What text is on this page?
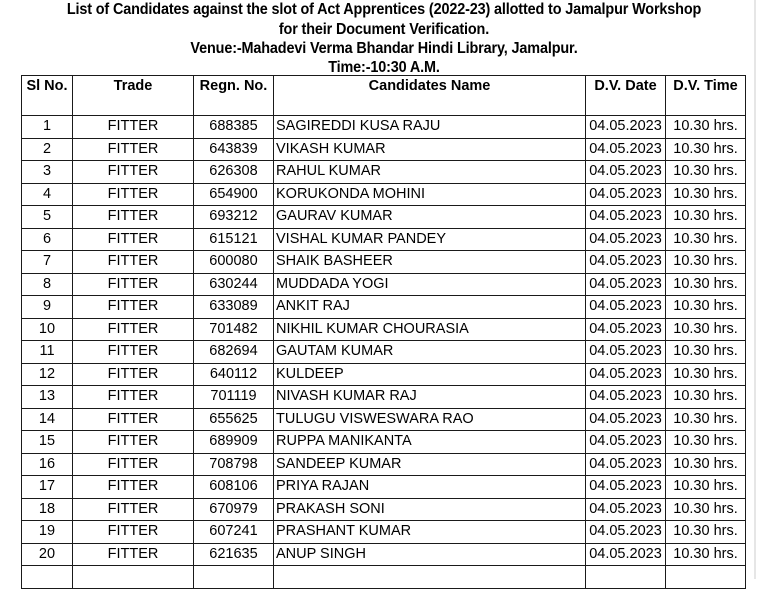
List of Candidates against the slot of Act Apprentices (2022-23) allotted to Jamalpur Workshop
for their Document Verification.
Venue:-Mahadevi Verma Bhandar Hindi Library, Jamalpur.
Time:-10:30 A.M.
Sl No.	Trade	Regn. No.	Candidates Name	D.V. Date	D.V. Time
1	FITTER	688385	SAGIREDDI KUSA RAJU	04.05.2023	10.30 hrs.
2	FITTER	643839	VIKASH KUMAR	04.05.2023	10.30 hrs.
3	FITTER	626308	RAHUL KUMAR	04.05.2023	10.30 hrs.
4	FITTER	654900	KORUKONDA MOHINI	04.05.2023	10.30 hrs.
5	FITTER	693212	GAURAV KUMAR	04.05.2023	10.30 hrs.
6	FITTER	615121	VISHAL KUMAR PANDEY	04.05.2023	10.30 hrs.
7	FITTER	600080	SHAIK BASHEER	04.05.2023	10.30 hrs.
8	FITTER	630244	MUDDADA YOGI	04.05.2023	10.30 hrs.
9	FITTER	633089	ANKIT RAJ	04.05.2023	10.30 hrs.
10	FITTER	701482	NIKHIL KUMAR CHOURASIA	04.05.2023	10.30 hrs.
11	FITTER	682694	GAUTAM KUMAR	04.05.2023	10.30 hrs.
12	FITTER	640112	KULDEEP	04.05.2023	10.30 hrs.
13	FITTER	701119	NIVASH KUMAR RAJ	04.05.2023	10.30 hrs.
14	FITTER	655625	TULUGU VISWESWARA RAO	04.05.2023	10.30 hrs.
15	FITTER	689909	RUPPA MANIKANTA	04.05.2023	10.30 hrs.
16	FITTER	708798	SANDEEP KUMAR	04.05.2023	10.30 hrs.
17	FITTER	608106	PRIYA RAJAN	04.05.2023	10.30 hrs.
18	FITTER	670979	PRAKASH SONI	04.05.2023	10.30 hrs.
19	FITTER	607241	PRASHANT KUMAR	04.05.2023	10.30 hrs.
20	FITTER	621635	ANUP SINGH	04.05.2023	10.30 hrs.
